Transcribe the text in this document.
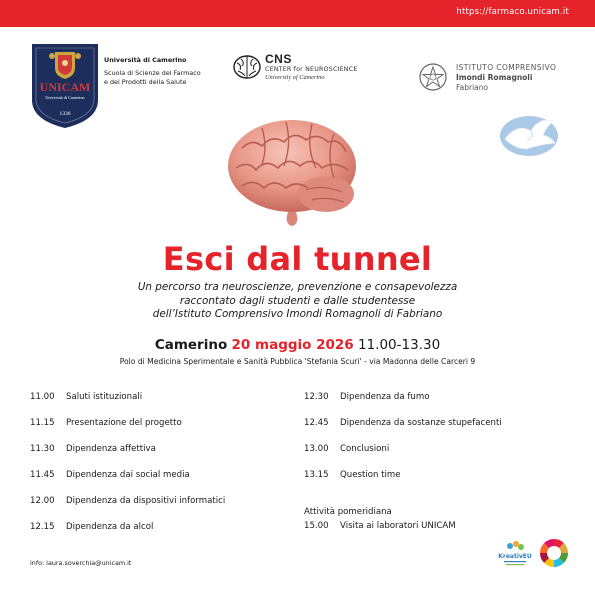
https://farmaco.unicam.it
UNICAM
Università di Camerino
1336
Università di Camerino
Scuola di Scienze del Farmaco
e dei Prodotti della Salute
CNS
CENTER for NEUROSCIENCE
University of Camerino
ISTITUTO COMPRENSIVO
Imondi Romagnoli
Fabriano
Esci dal tunnel
Un percorso tra neuroscienze, prevenzione e consapevolezza
raccontato dagli studenti e dalle studentesse
dell’Istituto Comprensivo Imondi Romagnoli di Fabriano
Camerino 20 maggio 2026 11.00-13.30
Polo di Medicina Sperimentale e Sanità Pubblica 'Stefania Scuri' - via Madonna delle Carceri 9
11.00 Saluti istituzionali
11.15 Presentazione del progetto
11.30 Dipendenza affettiva
11.45 Dipendenza dai social media
12.00 Dipendenza da dispositivi informatici
12.15 Dipendenza da alcol
12.30 Dipendenza da fumo
12.45 Dipendenza da sostanze stupefacenti
13.00 Conclusioni
13.15 Question time
Attività pomeridiana
15.00 Visita ai laboratori UNICAM
info: laura.soverchia@unicam.it
KreativEU
